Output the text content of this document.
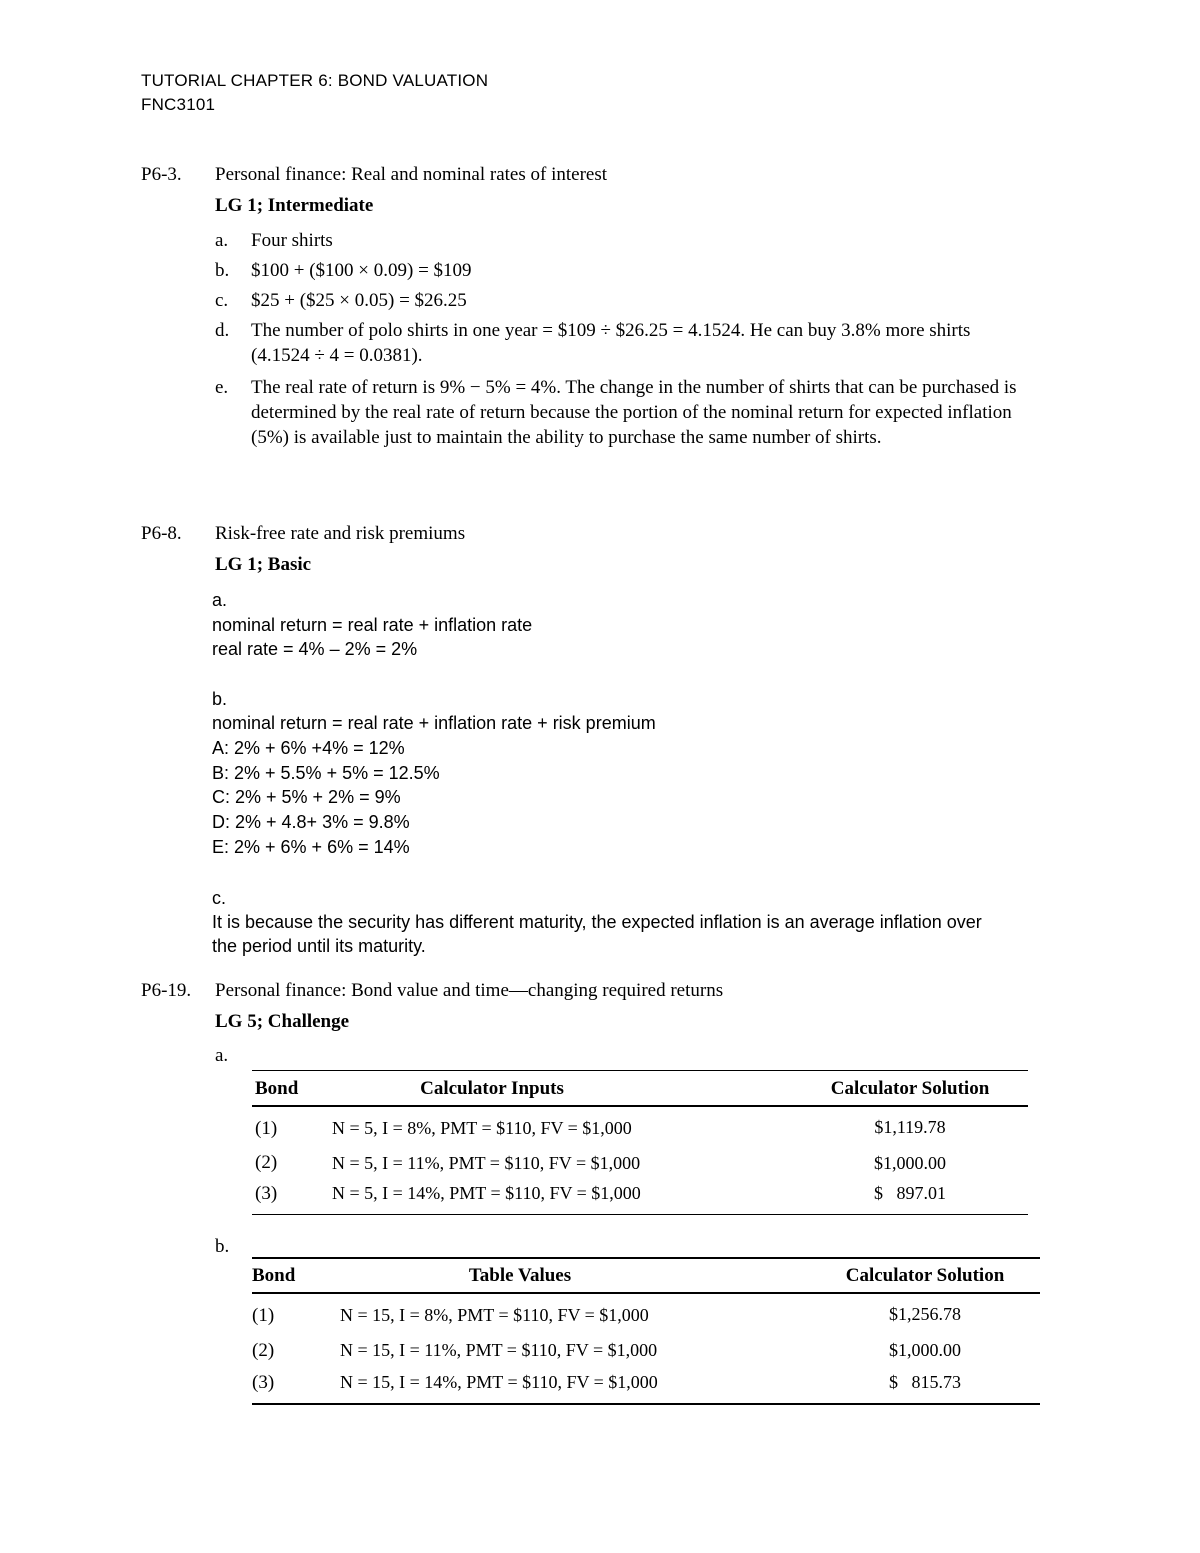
TUTORIAL CHAPTER 6: BOND VALUATION
FNC3101
P6-3. Personal finance: Real and nominal rates of interest
LG 1; Intermediate
a. Four shirts
b. $100 + ($100 × 0.09) = $109
c. $25 + ($25 × 0.05) = $26.25
d. The number of polo shirts in one year = $109 ÷ $26.25 = 4.1524. He can buy 3.8% more shirts (4.1524 ÷ 4 = 0.0381).
e. The real rate of return is 9% − 5% = 4%. The change in the number of shirts that can be purchased is determined by the real rate of return because the portion of the nominal return for expected inflation (5%) is available just to maintain the ability to purchase the same number of shirts.
P6-8. Risk-free rate and risk premiums
LG 1; Basic
a.
nominal return = real rate + inflation rate
real rate = 4% – 2% = 2%
b.
nominal return = real rate + inflation rate + risk premium
A: 2% + 6% +4% = 12%
B: 2% + 5.5% + 5% = 12.5%
C: 2% + 5% + 2% = 9%
D: 2% + 4.8+ 3% = 9.8%
E: 2% + 6% + 6% = 14%
c.
It is because the security has different maturity, the expected inflation is an average inflation over
the period until its maturity.
P6-19. Personal finance: Bond value and time—changing required returns
LG 5; Challenge
a.
Bond	Calculator Inputs	Calculator Solution
(1)	N = 5, I = 8%, PMT = $110, FV = $1,000	$1,119.78
(2)	N = 5, I = 11%, PMT = $110, FV = $1,000	$1,000.00
(3)	N = 5, I = 14%, PMT = $110, FV = $1,000	$   897.01
b.
Bond	Table Values	Calculator Solution
(1)	N = 15, I = 8%, PMT = $110, FV = $1,000	$1,256.78
(2)	N = 15, I = 11%, PMT = $110, FV = $1,000	$1,000.00
(3)	N = 15, I = 14%, PMT = $110, FV = $1,000	$   815.73
